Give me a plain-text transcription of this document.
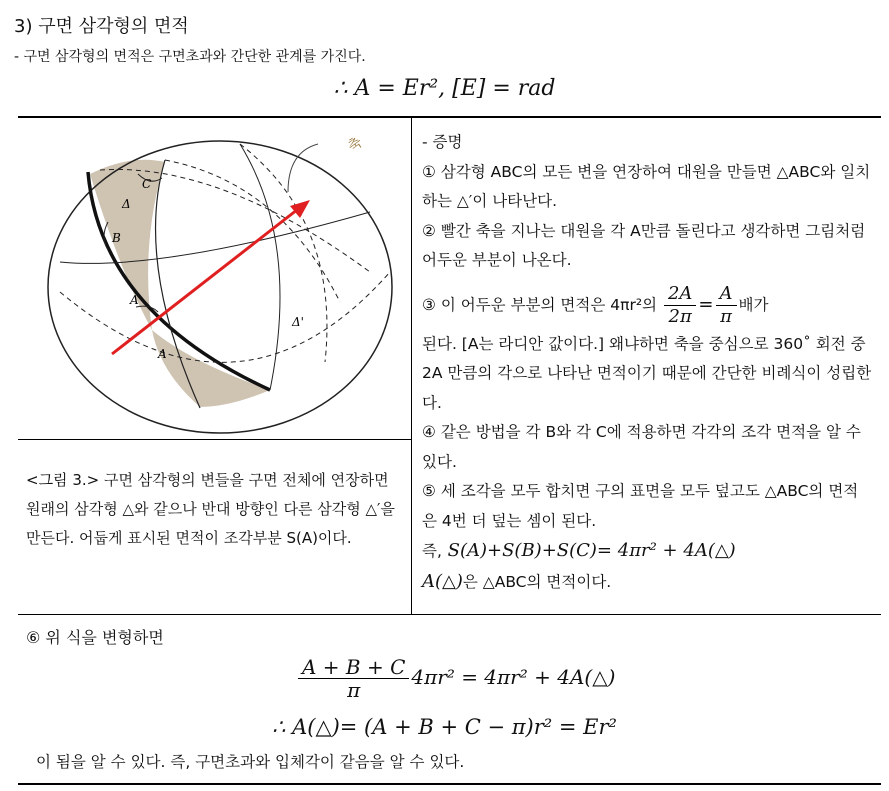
3) 구면 삼각형의 면적
- 구면 삼각형의 면적은 구면초과와 간단한 관계를 가진다.
∴ A = Er², [E] = rad
C
Δ
B
A
A
Δ'
축
<그림 3.> 구면 삼각형의 변들을 구면 전체에 연장하면 원래의 삼각형 △와 같으나 반대 방향인 다른 삼각형 △′을 만든다. 어둡게 표시된 면적이 조각부분 S(A)이다.

- 증명

① 삼각형 ABC의 모든 변을 연장하여 대원을 만들면 △ABC와 일치하는 △′이 나타난다.

② 빨간 축을 지나는 대원을 각 A만큼 돌린다고 생각하면 그림처럼 어두운 부분이 나온다.

③ 이 어두운 부분의 면적은 4πr²의 $\frac{2A}{2\pi} = \frac{A}{\pi}$ 배가

된다. [A는 라디안 값이다.] 왜냐하면 축을 중심으로 360˚ 회전 중 2A 만큼의 각으로 나타난 면적이기 때문에 간단한 비례식이 성립한다.

④ 같은 방법을 각 B와 각 C에 적용하면 각각의 조각 면적을 알 수 있다.

⑤ 세 조각을 모두 합치면 구의 표면을 모두 덮고도 △ABC의 면적은 4번 더 덮는 셈이 된다.

즉, S(A)+S(B)+S(C)= 4πr² + 4A(△)

A(△)은 △ABC의 면적이다.

⑥ 위 식을 변형하면
$\frac{A + B + C}{\pi} 4\pi r^2 = 4\pi r^2$ + 4A(△)
∴ A(△)= (A + B + C − π)r² = Er²
이 됨을 알 수 있다. 즉, 구면초과와 입체각이 같음을 알 수 있다.
